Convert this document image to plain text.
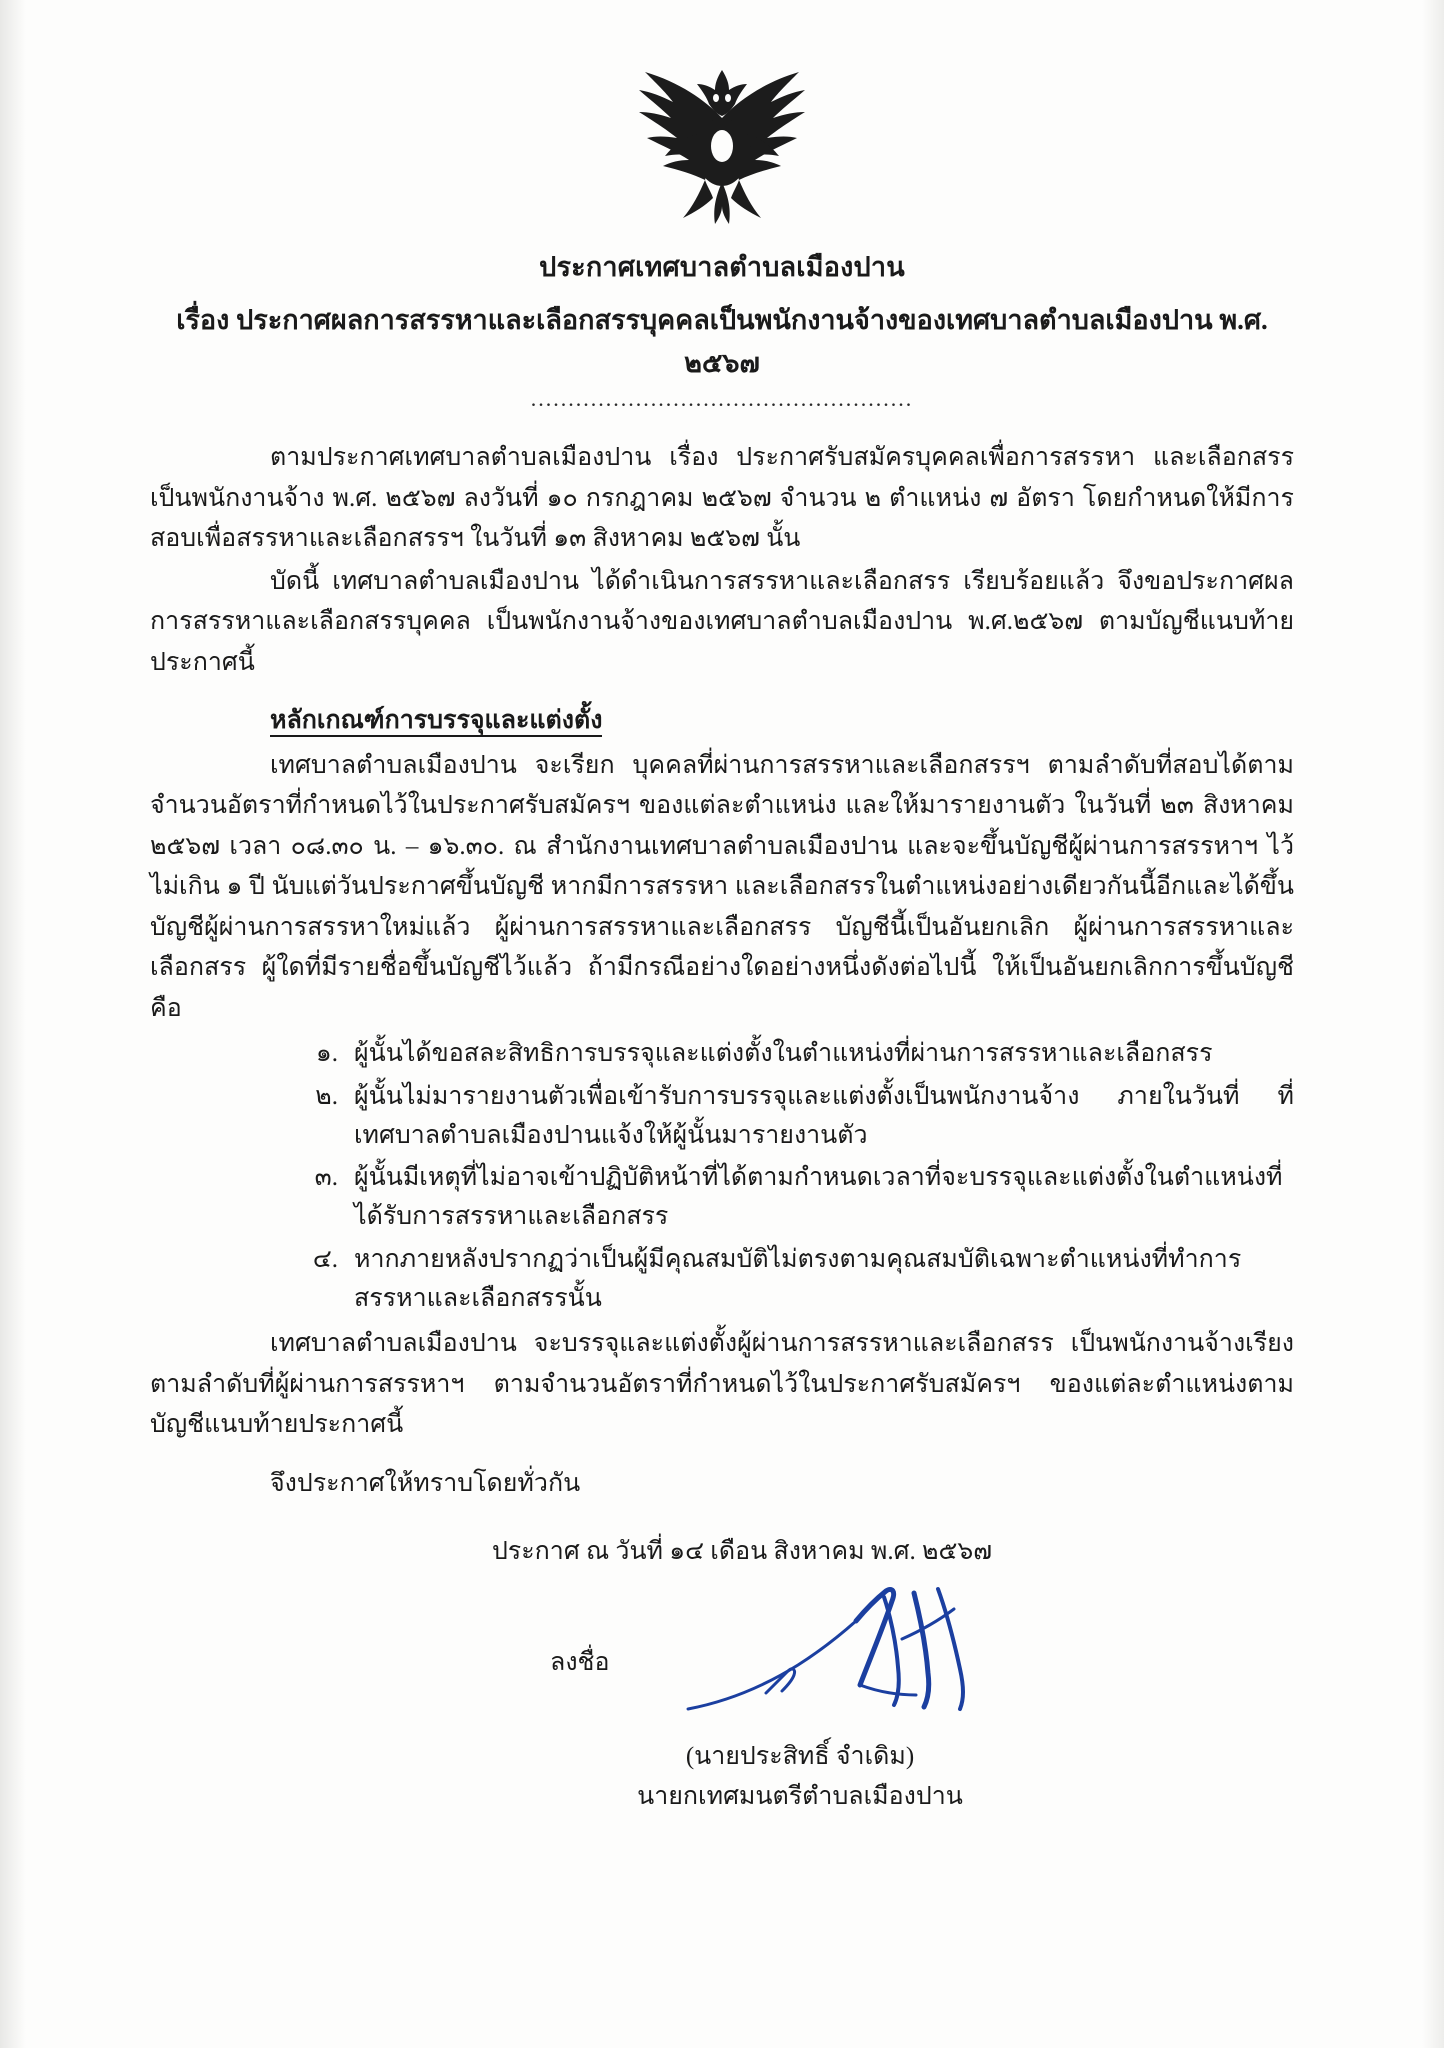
ประกาศเทศบาลตำบลเมืองปาน
เรื่อง ประกาศผลการสรรหาและเลือกสรรบุคคลเป็นพนักงานจ้างของเทศบาลตำบลเมืองปาน พ.ศ. ๒๕๖๗
...................................................

ตามประกาศเทศบาลตำบลเมืองปาน เรื่อง ประกาศรับสมัครบุคคลเพื่อการสรรหา และเลือกสรร เป็นพนักงานจ้าง พ.ศ. ๒๕๖๗ ลงวันที่ ๑๐ กรกฎาคม ๒๕๖๗ จำนวน ๒ ตำแหน่ง ๗ อัตรา โดยกำหนดให้มีการสอบเพื่อสรรหาและเลือกสรรฯ ในวันที่ ๑๓ สิงหาคม ๒๕๖๗ นั้น

บัดนี้ เทศบาลตำบลเมืองปาน ได้ดำเนินการสรรหาและเลือกสรร เรียบร้อยแล้ว จึงขอประกาศผลการสรรหาและเลือกสรรบุคคล เป็นพนักงานจ้างของเทศบาลตำบลเมืองปาน พ.ศ.๒๕๖๗ ตามบัญชีแนบท้ายประกาศนี้

หลักเกณฑ์การบรรจุและแต่งตั้ง

เทศบาลตำบลเมืองปาน จะเรียก บุคคลที่ผ่านการสรรหาและเลือกสรรฯ ตามลำดับที่สอบได้ตามจำนวนอัตราที่กำหนดไว้ในประกาศรับสมัครฯ ของแต่ละตำแหน่ง และให้มารายงานตัว ในวันที่ ๒๓ สิงหาคม ๒๕๖๗ เวลา ๐๘.๓๐ น. – ๑๖.๓๐. ณ สำนักงานเทศบาลตำบลเมืองปาน และจะขึ้นบัญชีผู้ผ่านการสรรหาฯ ไว้ไม่เกิน ๑ ปี นับแต่วันประกาศขึ้นบัญชี หากมีการสรรหา และเลือกสรรในตำแหน่งอย่างเดียวกันนี้อีกและได้ขึ้นบัญชีผู้ผ่านการสรรหาใหม่แล้ว ผู้ผ่านการสรรหาและเลือกสรร บัญชีนี้เป็นอันยกเลิก ผู้ผ่านการสรรหาและเลือกสรร ผู้ใดที่มีรายชื่อขึ้นบัญชีไว้แล้ว ถ้ามีกรณีอย่างใดอย่างหนึ่งดังต่อไปนี้ ให้เป็นอันยกเลิกการขึ้นบัญชี คือ

๑. ผู้นั้นได้ขอสละสิทธิการบรรจุและแต่งตั้งในตำแหน่งที่ผ่านการสรรหาและเลือกสรร
๒. ผู้นั้นไม่มารายงานตัวเพื่อเข้ารับการบรรจุและแต่งตั้งเป็นพนักงานจ้าง ภายในวันที่ ที่เทศบาลตำบลเมืองปานแจ้งให้ผู้นั้นมารายงานตัว
๓. ผู้นั้นมีเหตุที่ไม่อาจเข้าปฏิบัติหน้าที่ได้ตามกำหนดเวลาที่จะบรรจุและแต่งตั้งในตำแหน่งที่ได้รับการสรรหาและเลือกสรร
๔. หากภายหลังปรากฏว่าเป็นผู้มีคุณสมบัติไม่ตรงตามคุณสมบัติเฉพาะตำแหน่งที่ทำการสรรหาและเลือกสรรนั้น

เทศบาลตำบลเมืองปาน จะบรรจุและแต่งตั้งผู้ผ่านการสรรหาและเลือกสรร เป็นพนักงานจ้างเรียงตามลำดับที่ผู้ผ่านการสรรหาฯ ตามจำนวนอัตราที่กำหนดไว้ในประกาศรับสมัครฯ ของแต่ละตำแหน่งตามบัญชีแนบท้ายประกาศนี้

จึงประกาศให้ทราบโดยทั่วกัน

ประกาศ ณ วันที่ ๑๔ เดือน สิงหาคม พ.ศ. ๒๕๖๗
ลงชื่อ
(นายประสิทธิ์ จำเดิม)
นายกเทศมนตรีตำบลเมืองปาน
